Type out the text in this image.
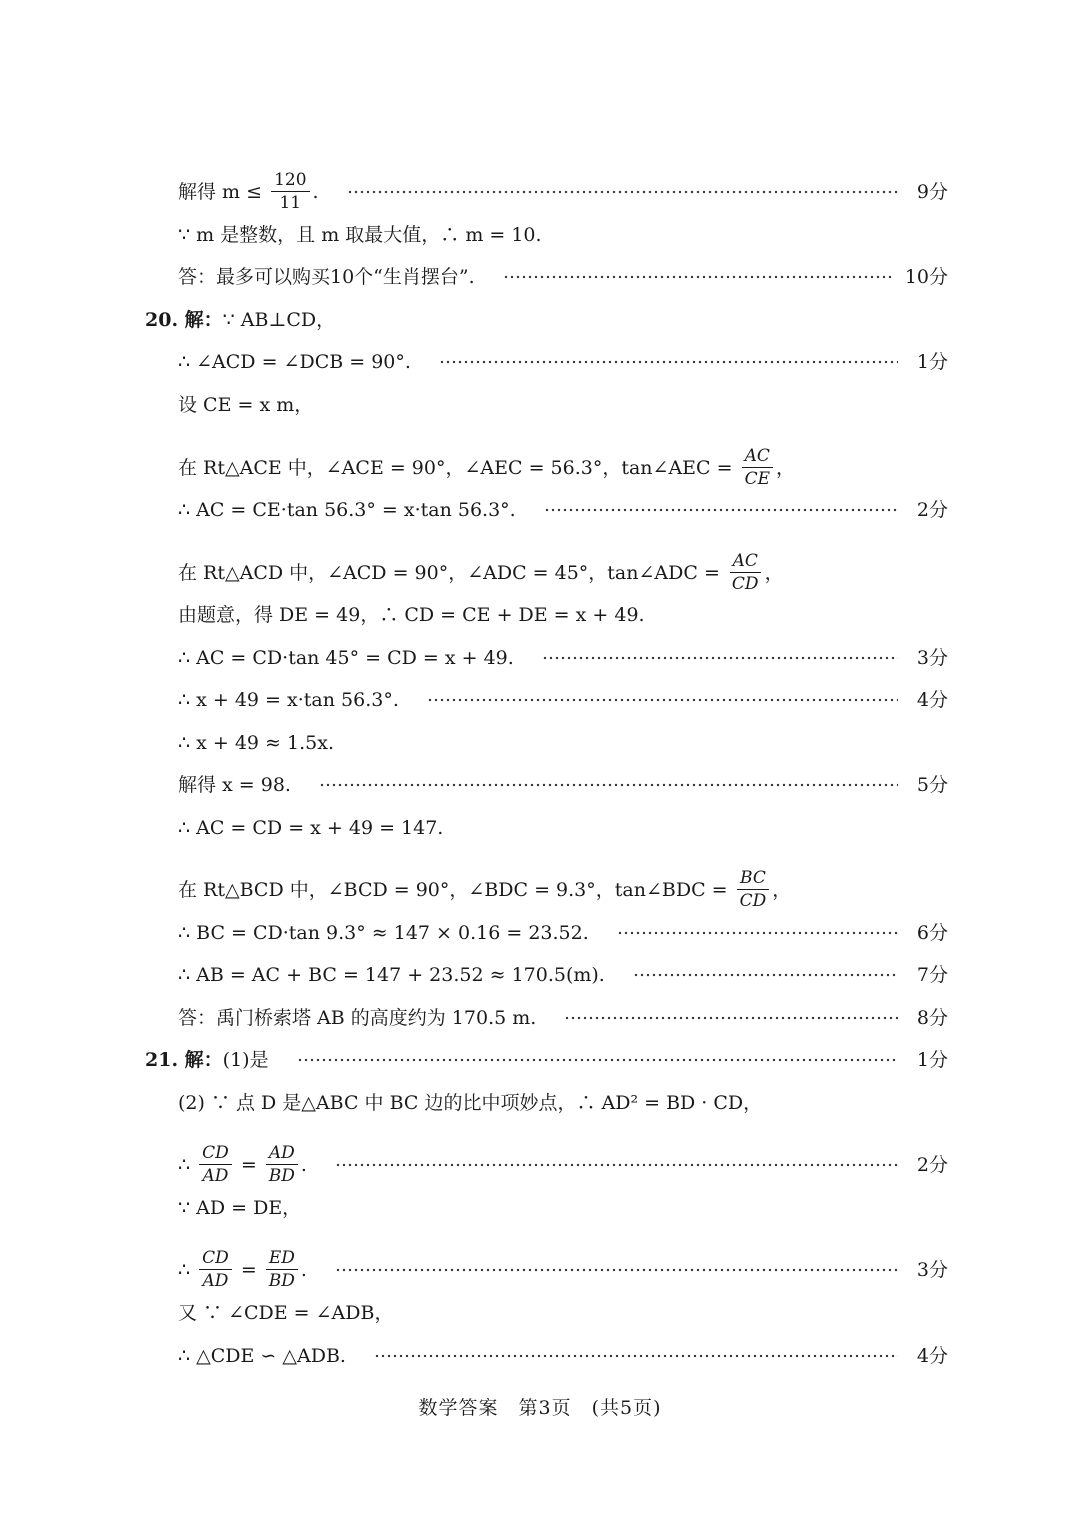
解得 $m \le \frac{120}{11}$ .	9分
∵ m 是整数，且 m 取最大值，∴ m = 10.
答：最多可以购买10个“生肖摆台”.	10分
20. 解： ∵ AB⊥CD，
∴ ∠ACD = ∠DCB = 90°.	1分
设 CE = x m，
在 Rt△ACE 中，∠ACE = 90°，∠AEC = 56.3°，tan∠AEC = $\frac{AC}{CE}$ ，
∴ AC = CE·tan 56.3° = x·tan 56.3°.	2分
在 Rt△ACD 中，∠ACD = 90°，∠ADC = 45°，tan∠ADC = $\frac{AC}{CD}$ ，
由题意，得 DE = 49，∴ CD = CE + DE = x + 49.
∴ AC = CD·tan 45° = CD = x + 49.	3分
∴ x + 49 = x·tan 56.3°.	4分
∴ x + 49 ≈ 1.5x.
解得 x = 98.	5分
∴ AC = CD = x + 49 = 147.
在 Rt△BCD 中，∠BCD = 90°，∠BDC = 9.3°，tan∠BDC = $\frac{BC}{CD}$ ，
∴ BC = CD·tan 9.3° ≈ 147 × 0.16 = 23.52.	6分
∴ AB = AC + BC = 147 + 23.52 ≈ 170.5(m).	7分
答：禹门桥索塔 AB 的高度约为 170.5 m.	8分
21. 解： (1)是	1分
(2) ∵ 点 D 是△ABC 中 BC 边的比中项妙点，∴ AD² = BD · CD，
∴ $\frac{CD}{AD} = \frac{AD}{BD}$ .	2分
∵ AD = DE，
∴ $\frac{CD}{AD} = \frac{ED}{BD}$ .	3分
又 ∵ ∠CDE = ∠ADB，
∴ △CDE ∽ △ADB.	4分
数学答案　第3页　(共5页)
